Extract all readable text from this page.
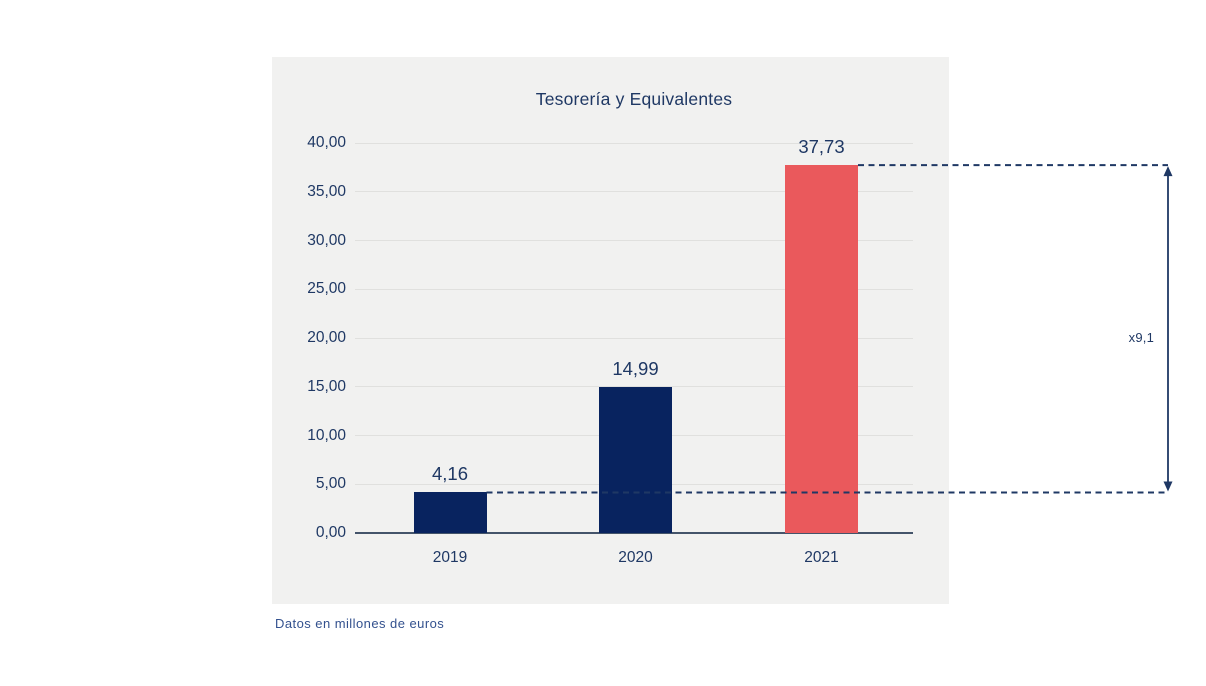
Tesorería y Equivalentes
0,00
5,00
10,00
15,00
20,00
25,00
30,00
35,00
40,00
4,16
2019
14,99
2020
37,73
2021
x9,1
Datos en millones de euros
